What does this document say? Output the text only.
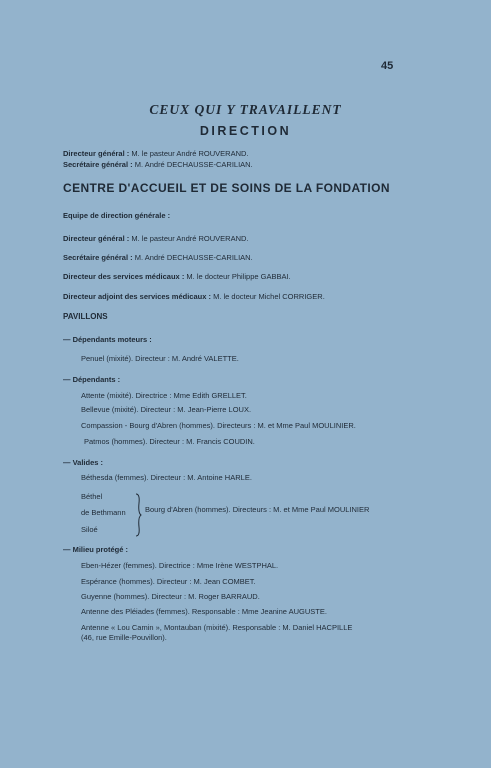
45
CEUX QUI Y TRAVAILLENT
DIRECTION
Directeur général : M. le pasteur André ROUVERAND.
Secrétaire général : M. André DECHAUSSE-CARILIAN.
CENTRE D'ACCUEIL ET DE SOINS DE LA FONDATION
Equipe de direction générale :
Directeur général : M. le pasteur André ROUVERAND.
Secrétaire général : M. André DECHAUSSE-CARILIAN.
Directeur des services médicaux : M. le docteur Philippe GABBAI.
Directeur adjoint des services médicaux : M. le docteur Michel CORRIGER.
PAVILLONS
— Dépendants moteurs :
Penuel (mixité). Directeur : M. André VALETTE.
— Dépendants :
Attente (mixité). Directrice : Mme Edith GRELLET.
Bellevue (mixité). Directeur : M. Jean-Pierre LOUX.
Compassion - Bourg d'Abren (hommes). Directeurs : M. et Mme Paul MOULINIER.
Patmos (hommes). Directeur : M. Francis COUDIN.
— Valides :
Béthesda (femmes). Directeur : M. Antoine HARLE.
Béthel
de Bethmann
Siloé
Bourg d'Abren (hommes). Directeurs : M. et Mme Paul MOULINIER
— Milieu protégé :
Eben-Hézer (femmes). Directrice : Mme Irène WESTPHAL.
Espérance (hommes). Directeur : M. Jean COMBET.
Guyenne (hommes). Directeur : M. Roger BARRAUD.
Antenne des Pléiades (femmes). Responsable : Mme Jeanine AUGUSTE.
Antenne « Lou Camin », Montauban (mixité). Responsable : M. Daniel HACPILLE
(46, rue Emille-Pouvillon).
